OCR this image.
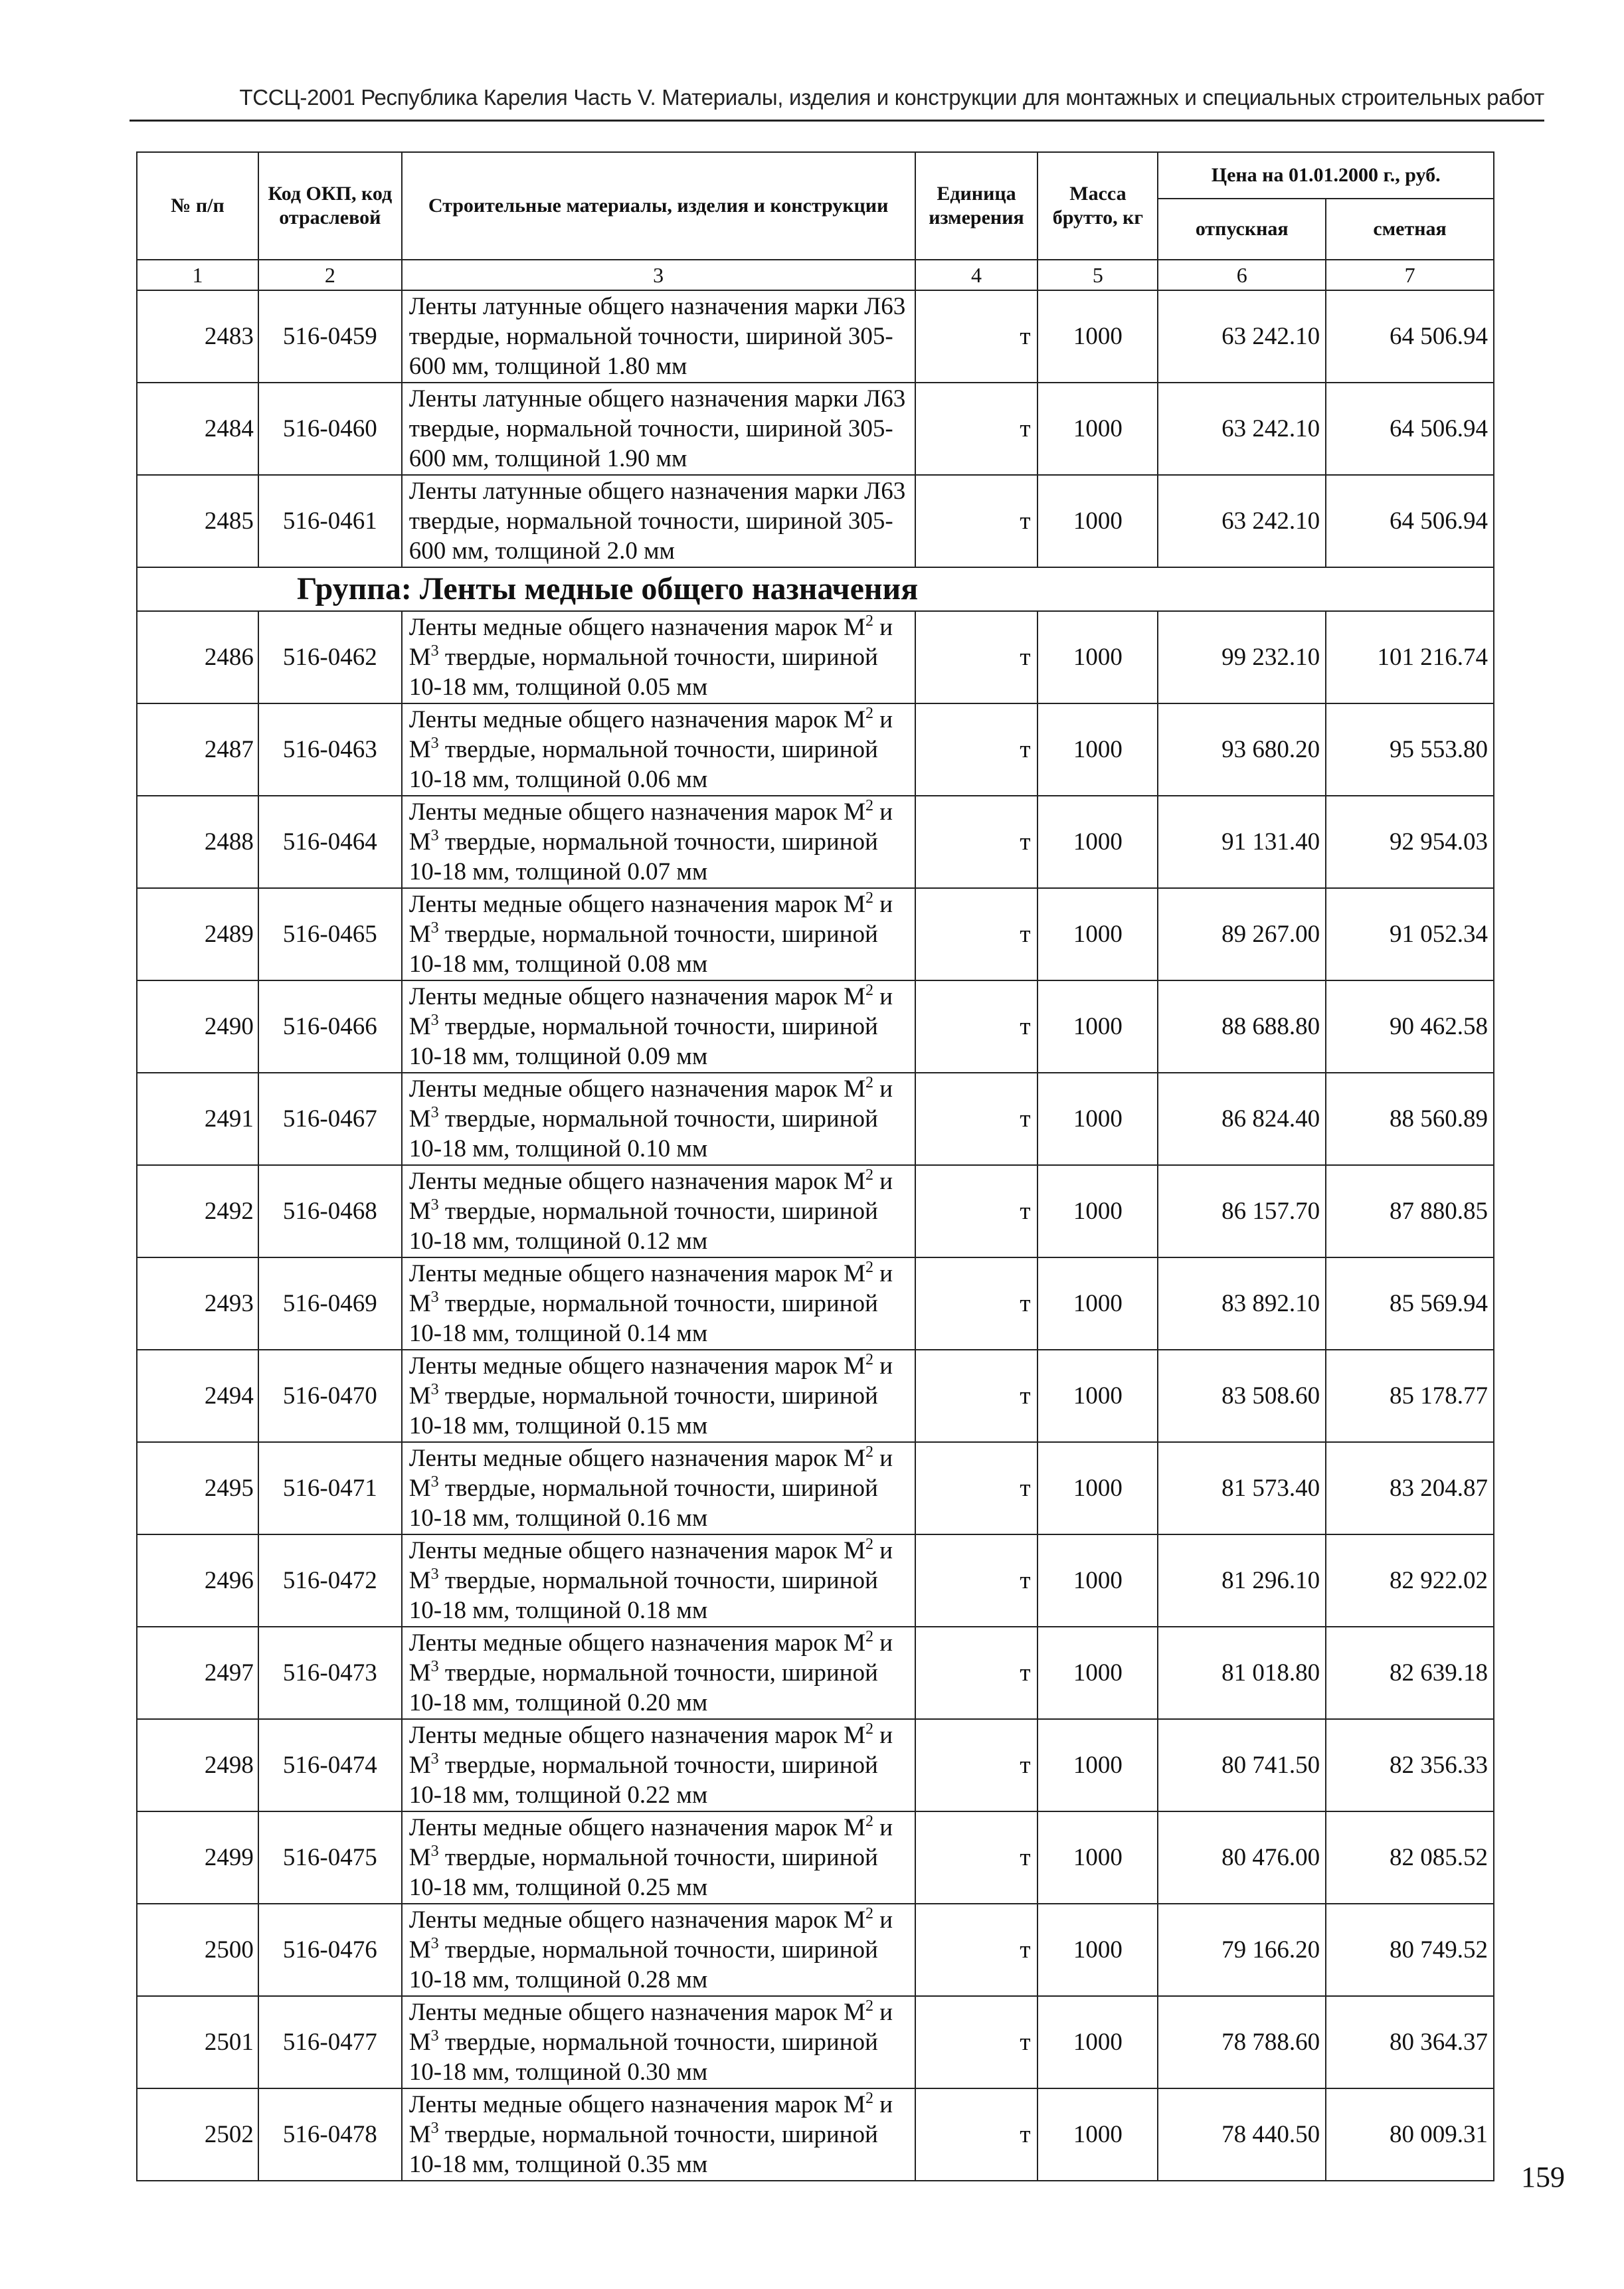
ТССЦ-2001 Республика Карелия Часть V. Материалы, изделия и конструкции для монтажных и специальных строительных работ
№ п/п	Код ОКП, код отраслевой	Строительные материалы, изделия и конструкции	Единица измерения	Масса брутто, кг	Цена на 01.01.2000 г., руб.	
					отпускная	сметная
1	2	3	4	5	6	7
2483	516-0459	Ленты латунные общего назначения марки Л63 твердые, нормальной точности, шириной 305-600 мм, толщиной 1.80 мм	т	1000	63 242.10	64 506.94
2484	516-0460	Ленты латунные общего назначения марки Л63 твердые, нормальной точности, шириной 305-600 мм, толщиной 1.90 мм	т	1000	63 242.10	64 506.94
2485	516-0461	Ленты латунные общего назначения марки Л63 твердые, нормальной точности, шириной 305-600 мм, толщиной 2.0 мм	т	1000	63 242.10	64 506.94
Группа: Ленты медные общего назначения						
2486	516-0462	Ленты медные общего назначения марок $М^2$ и $М^3$ твердые, нормальной точности, шириной 10-18 мм, толщиной 0.05 мм	т	1000	99 232.10	101 216.74
2487	516-0463	Ленты медные общего назначения марок $М^2$ и $М^3$ твердые, нормальной точности, шириной 10-18 мм, толщиной 0.06 мм	т	1000	93 680.20	95 553.80
2488	516-0464	Ленты медные общего назначения марок $М^2$ и $М^3$ твердые, нормальной точности, шириной 10-18 мм, толщиной 0.07 мм	т	1000	91 131.40	92 954.03
2489	516-0465	Ленты медные общего назначения марок $М^2$ и $М^3$ твердые, нормальной точности, шириной 10-18 мм, толщиной 0.08 мм	т	1000	89 267.00	91 052.34
2490	516-0466	Ленты медные общего назначения марок $М^2$ и $М^3$ твердые, нормальной точности, шириной 10-18 мм, толщиной 0.09 мм	т	1000	88 688.80	90 462.58
2491	516-0467	Ленты медные общего назначения марок $М^2$ и $М^3$ твердые, нормальной точности, шириной 10-18 мм, толщиной 0.10 мм	т	1000	86 824.40	88 560.89
2492	516-0468	Ленты медные общего назначения марок $М^2$ и $М^3$ твердые, нормальной точности, шириной 10-18 мм, толщиной 0.12 мм	т	1000	86 157.70	87 880.85
2493	516-0469	Ленты медные общего назначения марок $М^2$ и $М^3$ твердые, нормальной точности, шириной 10-18 мм, толщиной 0.14 мм	т	1000	83 892.10	85 569.94
2494	516-0470	Ленты медные общего назначения марок $М^2$ и $М^3$ твердые, нормальной точности, шириной 10-18 мм, толщиной 0.15 мм	т	1000	83 508.60	85 178.77
2495	516-0471	Ленты медные общего назначения марок $М^2$ и $М^3$ твердые, нормальной точности, шириной 10-18 мм, толщиной 0.16 мм	т	1000	81 573.40	83 204.87
2496	516-0472	Ленты медные общего назначения марок $М^2$ и $М^3$ твердые, нормальной точности, шириной 10-18 мм, толщиной 0.18 мм	т	1000	81 296.10	82 922.02
2497	516-0473	Ленты медные общего назначения марок $М^2$ и $М^3$ твердые, нормальной точности, шириной 10-18 мм, толщиной 0.20 мм	т	1000	81 018.80	82 639.18
2498	516-0474	Ленты медные общего назначения марок $М^2$ и $М^3$ твердые, нормальной точности, шириной 10-18 мм, толщиной 0.22 мм	т	1000	80 741.50	82 356.33
2499	516-0475	Ленты медные общего назначения марок $М^2$ и $М^3$ твердые, нормальной точности, шириной 10-18 мм, толщиной 0.25 мм	т	1000	80 476.00	82 085.52
2500	516-0476	Ленты медные общего назначения марок $М^2$ и $М^3$ твердые, нормальной точности, шириной 10-18 мм, толщиной 0.28 мм	т	1000	79 166.20	80 749.52
2501	516-0477	Ленты медные общего назначения марок $М^2$ и $М^3$ твердые, нормальной точности, шириной 10-18 мм, толщиной 0.30 мм	т	1000	78 788.60	80 364.37
2502	516-0478	Ленты медные общего назначения марок $М^2$ и $М^3$ твердые, нормальной точности, шириной 10-18 мм, толщиной 0.35 мм	т	1000	78 440.50	80 009.31
159
